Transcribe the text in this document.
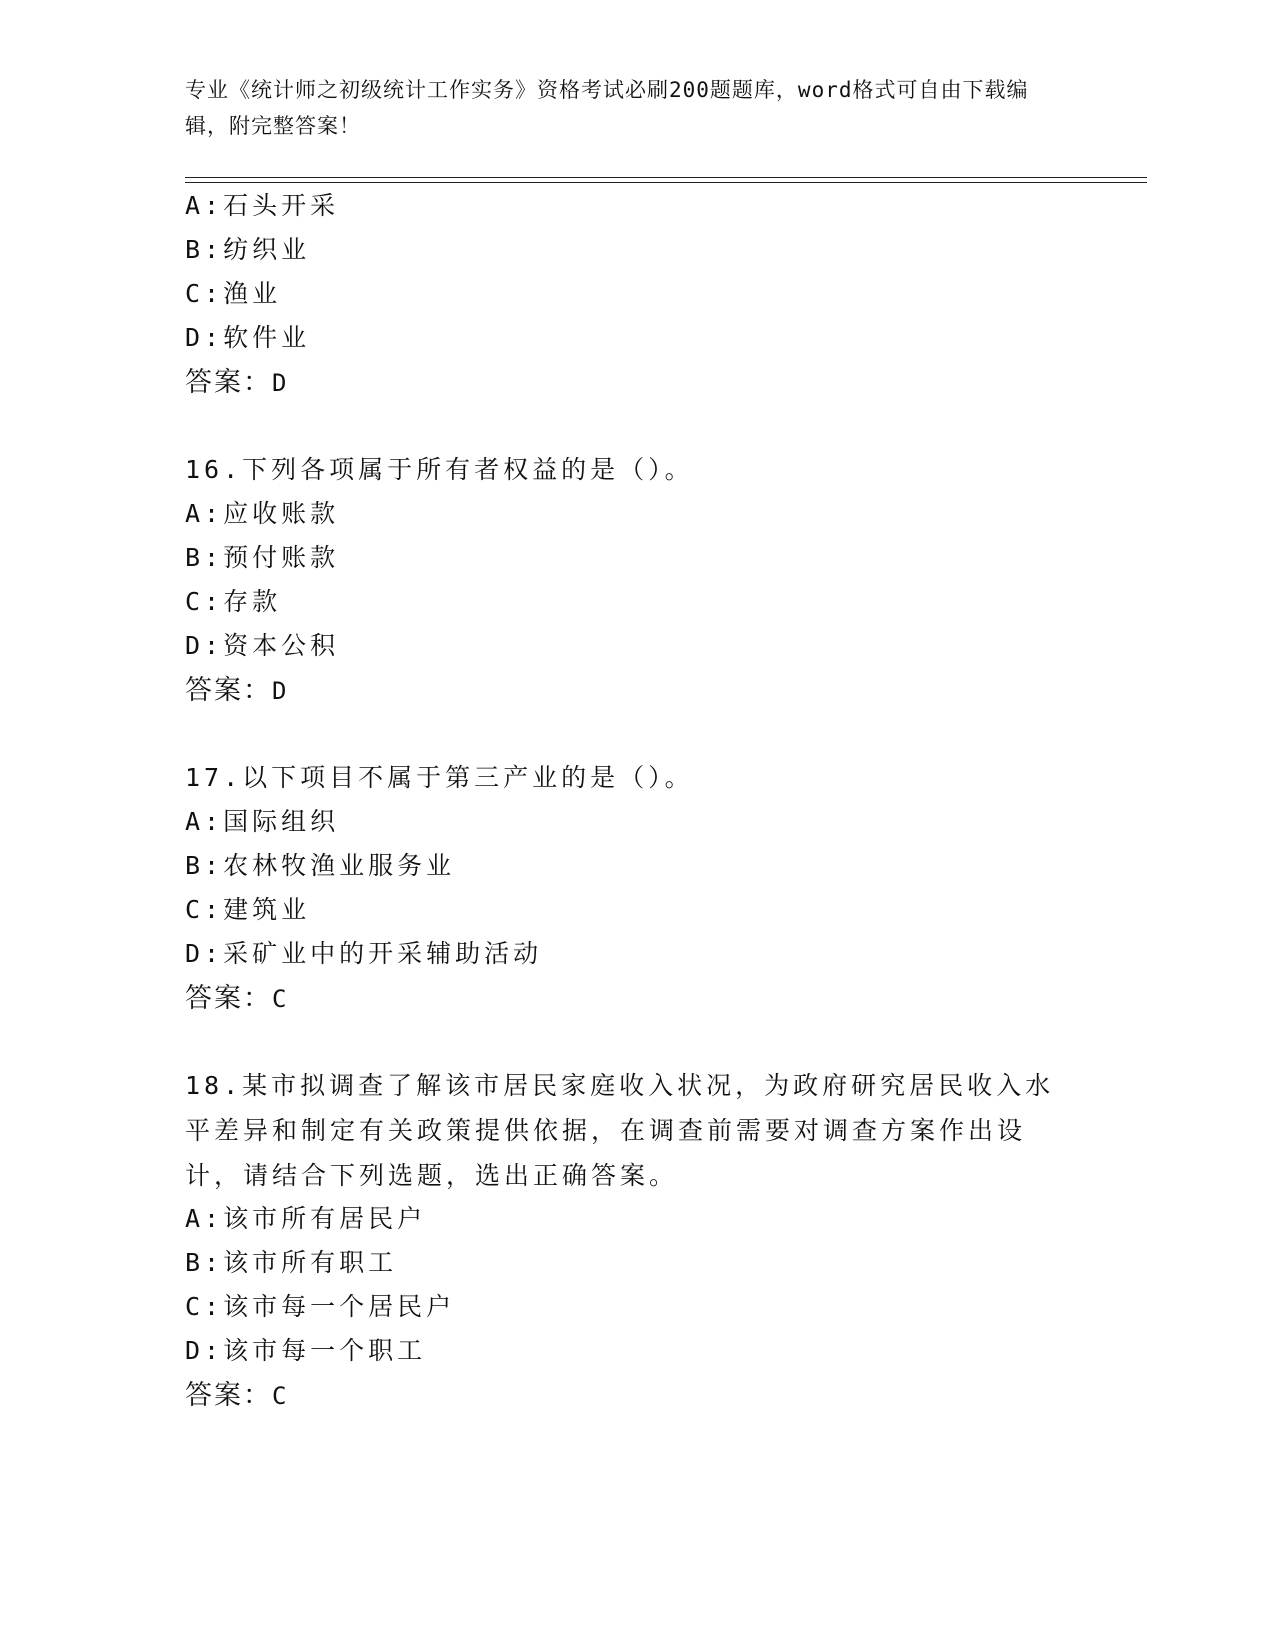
专业《统计师之初级统计工作实务》资格考试必刷200题题库，word格式可自由下载编辑，附完整答案！
A:石头开采
B:纺织业
C:渔业
D:软件业
答案：D
16.下列各项属于所有者权益的是（）。
A:应收账款
B:预付账款
C:存款
D:资本公积
答案：D
17.以下项目不属于第三产业的是（）。
A:国际组织
B:农林牧渔业服务业
C:建筑业
D:采矿业中的开采辅助活动
答案：C
18.某市拟调查了解该市居民家庭收入状况，为政府研究居民收入水平差异和制定有关政策提供依据，在调查前需要对调查方案作出设计，请结合下列选题，选出正确答案。
A:该市所有居民户
B:该市所有职工
C:该市每一个居民户
D:该市每一个职工
答案：C
